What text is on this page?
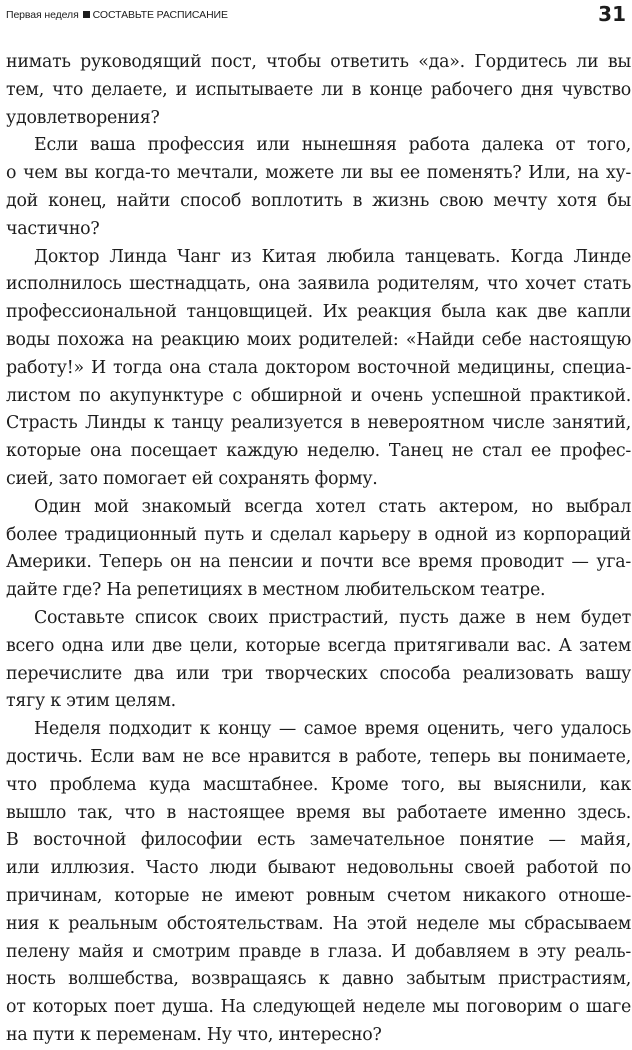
Первая неделя СОСТАВЬТЕ РАСПИСАНИЕ	31
нимать руководящий пост, чтобы ответить «да». Гордитесь ли вы
тем, что делаете, и испытываете ли в конце рабочего дня чувство
удовлетворения?
Если ваша профессия или нынешняя работа далека от того,
о чем вы когда-то мечтали, можете ли вы ее поменять? Или, на ху-
дой конец, найти способ воплотить в жизнь свою мечту хотя бы
частично?
Доктор Линда Чанг из Китая любила танцевать. Когда Линде
исполнилось шестнадцать, она заявила родителям, что хочет стать
профессиональной танцовщицей. Их реакция была как две капли
воды похожа на реакцию моих родителей: «Найди себе настоящую
работу!» И тогда она стала доктором восточной медицины, специа-
листом по акупунктуре с обширной и очень успешной практикой.
Страсть Линды к танцу реализуется в невероятном числе занятий,
которые она посещает каждую неделю. Танец не стал ее профес-
сией, зато помогает ей сохранять форму.
Один мой знакомый всегда хотел стать актером, но выбрал
более традиционный путь и сделал карьеру в одной из корпораций
Америки. Теперь он на пенсии и почти все время проводит — уга-
дайте где? На репетициях в местном любительском театре.
Составьте список своих пристрастий, пусть даже в нем будет
всего одна или две цели, которые всегда притягивали вас. А затем
перечислите два или три творческих способа реализовать вашу
тягу к этим целям.
Неделя подходит к концу — самое время оценить, чего удалось
достичь. Если вам не все нравится в работе, теперь вы понимаете,
что проблема куда масштабнее. Кроме того, вы выяснили, как
вышло так, что в настоящее время вы работаете именно здесь.
В восточной философии есть замечательное понятие — майя,
или иллюзия. Часто люди бывают недовольны своей работой по
причинам, которые не имеют ровным счетом никакого отноше-
ния к реальным обстоятельствам. На этой неделе мы сбрасываем
пелену майя и смотрим правде в глаза. И добавляем в эту реаль-
ность волшебства, возвращаясь к давно забытым пристрастиям,
от которых поет душа. На следующей неделе мы поговорим о шаге
на пути к переменам. Ну что, интересно?
